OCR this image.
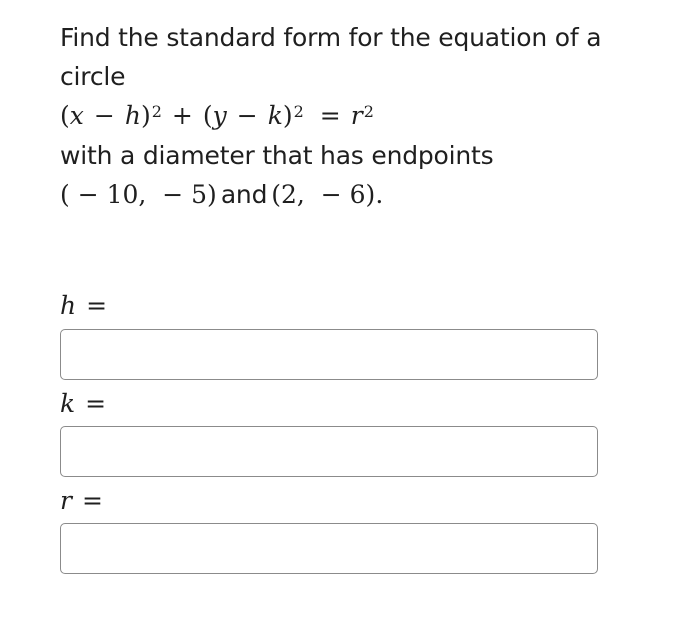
Find the standard form for the equation of a
circle
$(x - h)^2 + (y - k)^2 = r^2$
with a diameter that has endpoints
( − 10,  − 5) and (2,  − 6).
h =
k =
r =
